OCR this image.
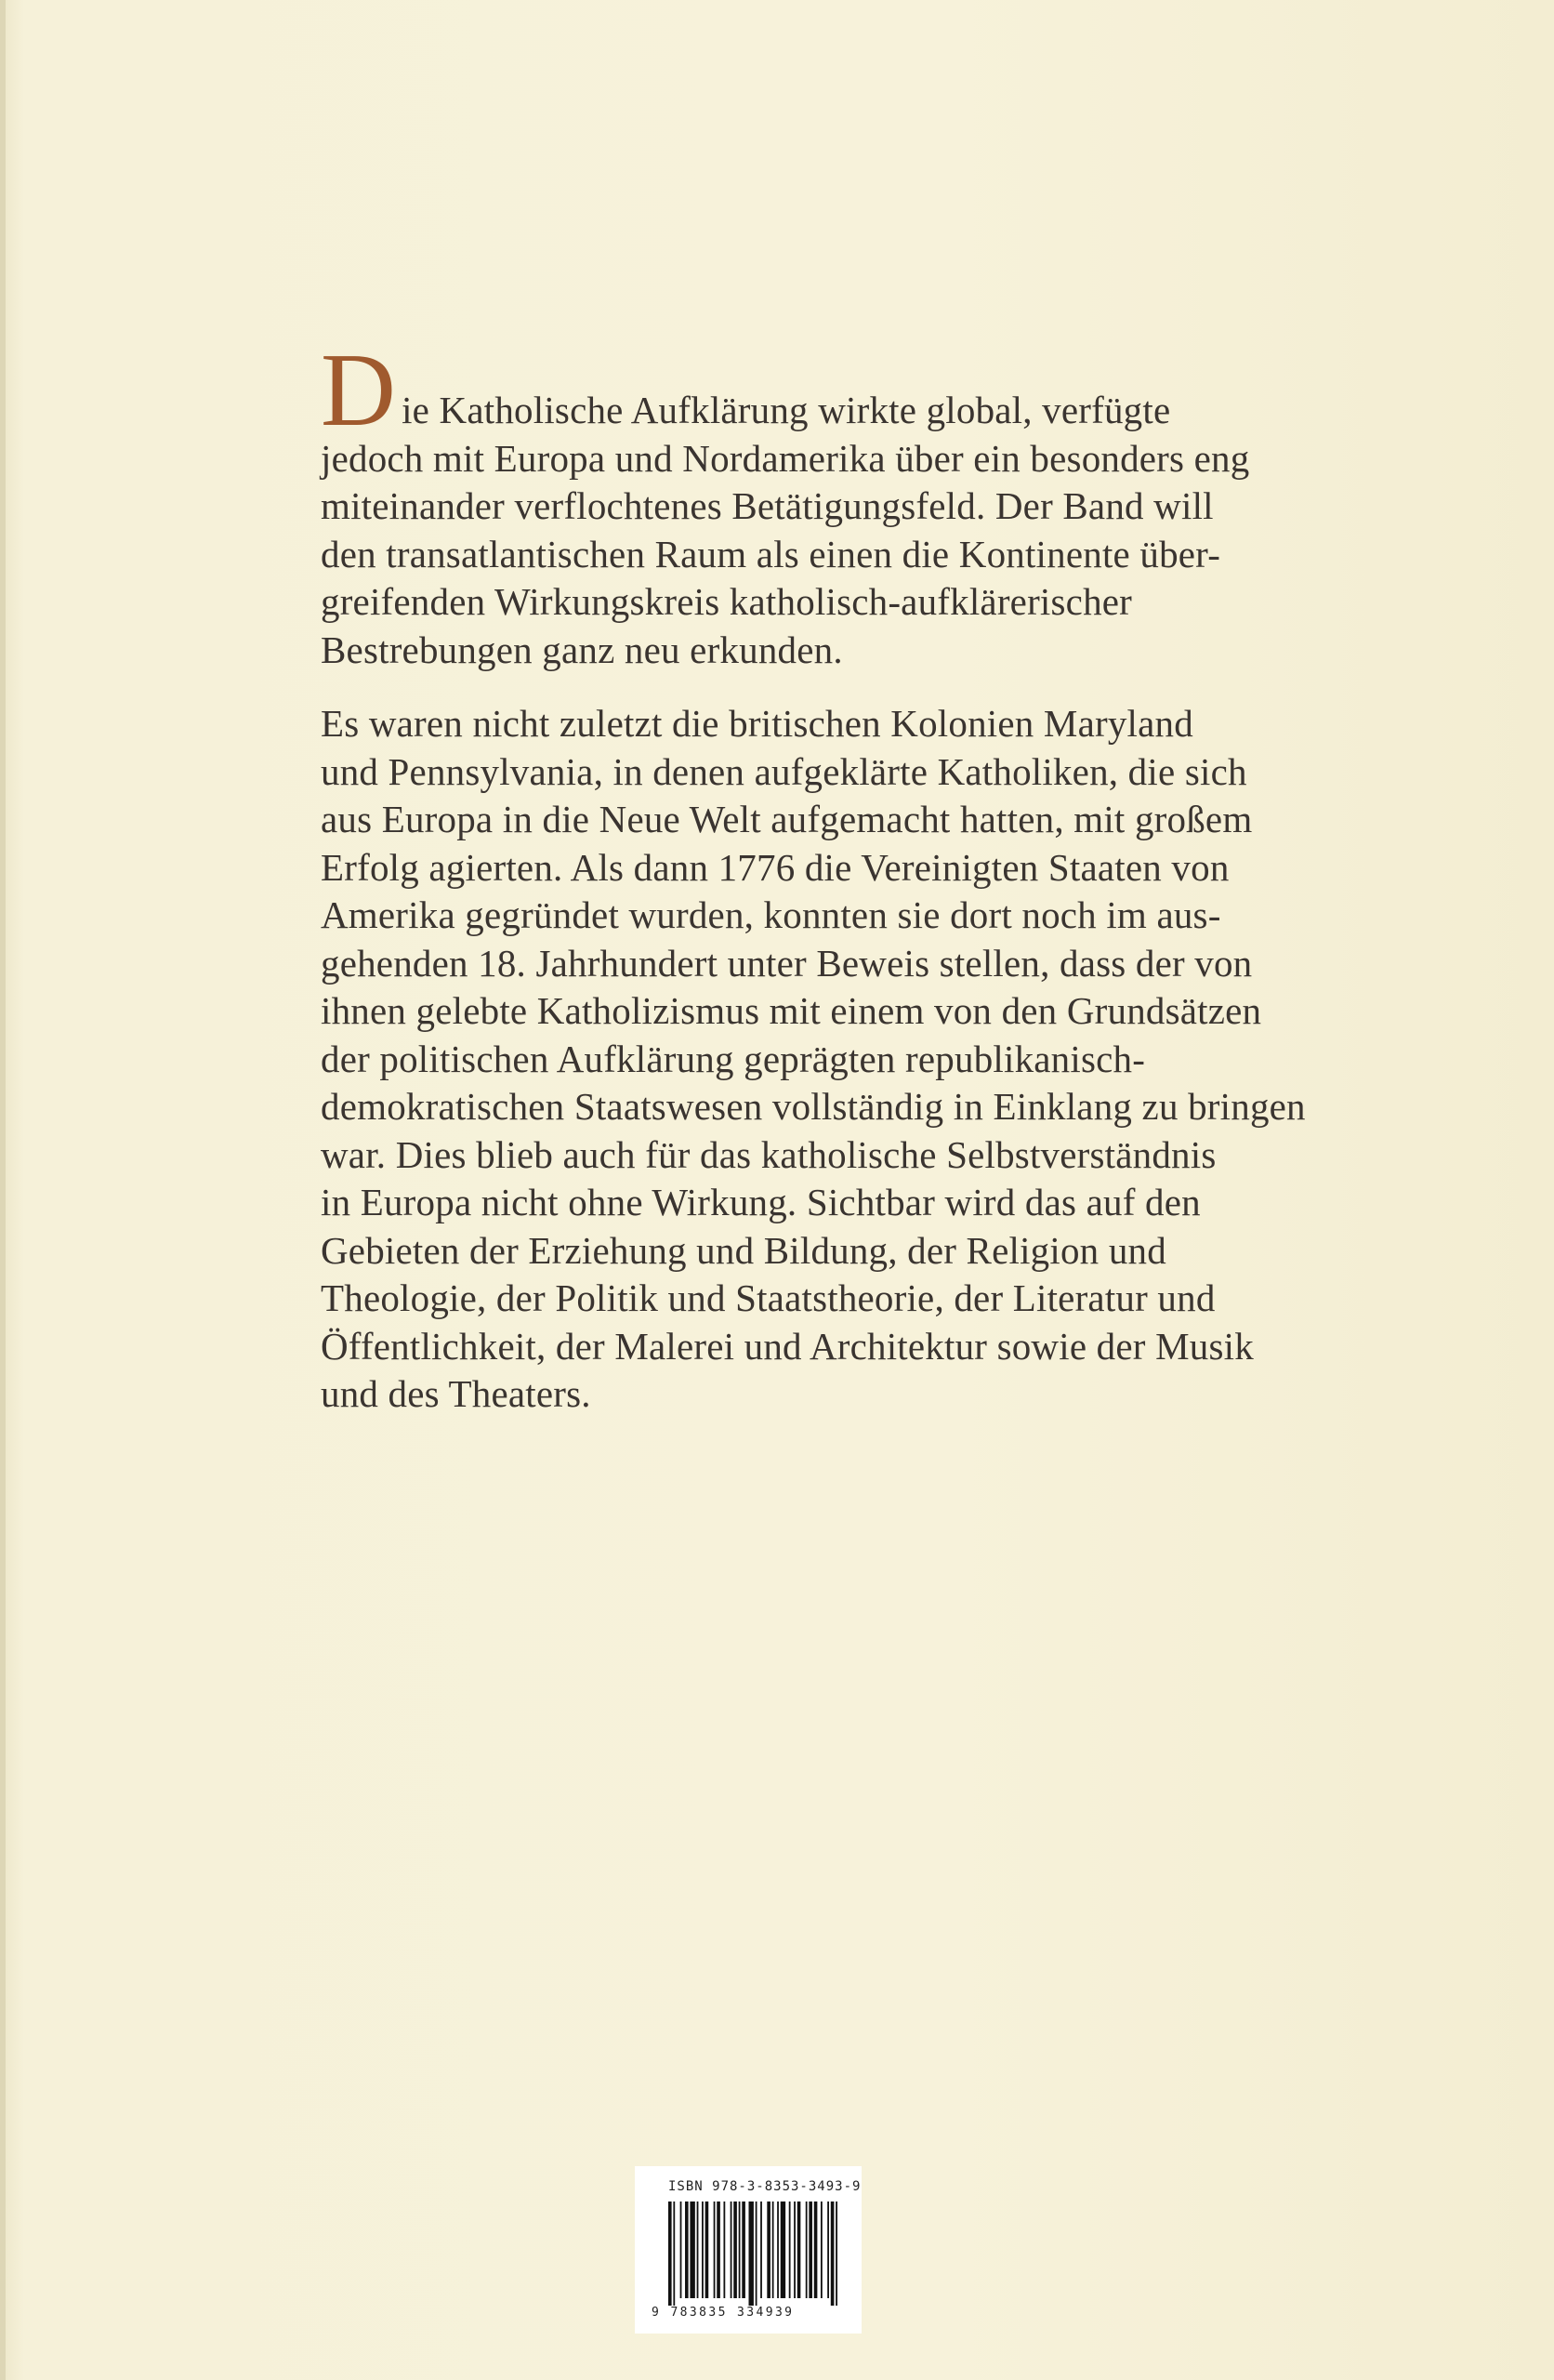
Die Katholische Aufklärung wirkte global, verfügte
jedoch mit Europa und Nordamerika über ein besonders eng
miteinander verflochtenes Betätigungsfeld. Der Band will
den transatlantischen Raum als einen die Kontinente über-
greifenden Wirkungskreis katholisch-aufklärerischer
Bestrebungen ganz neu erkunden.

Es waren nicht zuletzt die britischen Kolonien Maryland
und Pennsylvania, in denen aufgeklärte Katholiken, die sich
aus Europa in die Neue Welt aufgemacht hatten, mit großem
Erfolg agierten. Als dann 1776 die Vereinigten Staaten von
Amerika gegründet wurden, konnten sie dort noch im aus-
gehenden 18. Jahrhundert unter Beweis stellen, dass der von
ihnen gelebte Katholizismus mit einem von den Grundsätzen
der politischen Aufklärung geprägten republikanisch-
demokratischen Staatswesen vollständig in Einklang zu bringen
war. Dies blieb auch für das katholische Selbstverständnis
in Europa nicht ohne Wirkung. Sichtbar wird das auf den
Gebieten der Erziehung und Bildung, der Religion und
Theologie, der Politik und Staatstheorie, der Literatur und
Öffentlichkeit, der Malerei und Architektur sowie der Musik
und des Theaters.

ISBN 978-3-8353-3493-9
9 783835 334939
